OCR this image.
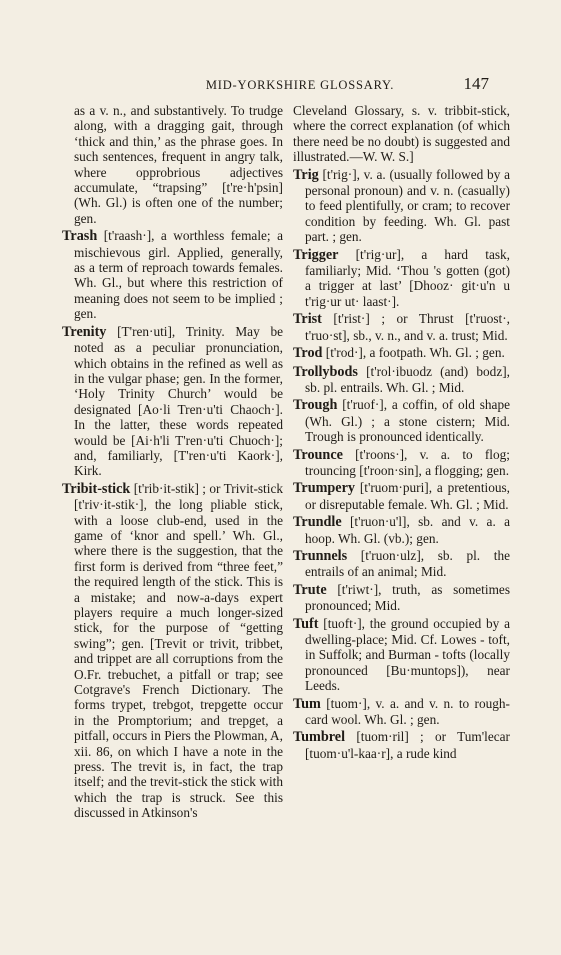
MID-YORKSHIRE GLOSSARY.	147

as a v. n., and substantively. To trudge along, with a dragging gait, through ‘thick and thin,’ as the phrase goes. In such sentences, frequent in angry talk, where opprobrious adjectives accumulate, “trapsing” [t're·h'psin] (Wh. Gl.) is often one of the number; gen.

Trash [t'raash·], a worthless female; a mischievous girl. Applied, generally, as a term of reproach towards females. Wh. Gl., but where this restriction of meaning does not seem to be implied ; gen.

Trenity [T'ren·uti], Trinity. May be noted as a peculiar pronunciation, which obtains in the refined as well as in the vulgar phase; gen. In the former, ‘Holy Trinity Church’ would be designated [Ao·li Tren·u'ti Chaoch·]. In the latter, these words repeated would be [Ai·h'li T'ren·u'ti Chuoch·]; and, familiarly, [T'ren·u'ti Kaork·], Kirk.

Tribit-stick [t'rib·it-stik] ; or Trivit-stick [t'riv·it-stik·], the long pliable stick, with a loose club-end, used in the game of ‘knor and spell.’ Wh. Gl., where there is the suggestion, that the first form is derived from “three feet,” the required length of the stick. This is a mistake; and now-a-days expert players require a much longer-sized stick, for the purpose of “getting swing”; gen. [Trevit or trivit, tribbet, and trippet are all corruptions from the O.Fr. trebuchet, a pitfall or trap; see Cotgrave's French Dictionary. The forms trypet, trebgot, trepgette occur in the Promptorium; and trepget, a pitfall, occurs in Piers the Plowman, A, xii. 86, on which I have a note in the press. The trevit is, in fact, the trap itself; and the trevit-stick the stick with which the trap is struck. See this discussed in Atkinson's

Cleveland Glossary, s. v. tribbit-stick, where the correct explanation (of which there need be no doubt) is suggested and illustrated.—W. W. S.]

Trig [t'rig·], v. a. (usually followed by a personal pronoun) and v. n. (casually) to feed plentifully, or cram; to recover condition by feeding. Wh. Gl. past part. ; gen.

Trigger [t'rig·ur], a hard task, familiarly; Mid. ‘Thou 's gotten (got) a trigger at last’ [Dhooz· git·u'n u t'rig·ur ut· laast·].

Trist [t'rist·] ; or Thrust [t'ruost·, t'ruo·st], sb., v. n., and v. a. trust; Mid.

Trod [t'rod·], a footpath. Wh. Gl. ; gen.

Trollybods [t'rol·ibuodz (and) bodz], sb. pl. entrails. Wh. Gl. ; Mid.

Trough [t'ruof·], a coffin, of old shape (Wh. Gl.) ; a stone cistern; Mid. Trough is pronounced identically.

Trounce [t'roons·], v. a. to flog; trouncing [t'roon·sin], a flogging; gen.

Trumpery [t'ruom·puri], a pretentious, or disreputable female. Wh. Gl. ; Mid.

Trundle [t'ruon·u'l], sb. and v. a. a hoop. Wh. Gl. (vb.); gen.

Trunnels [t'ruon·ulz], sb. pl. the entrails of an animal; Mid.

Trute [t'riwt·], truth, as sometimes pronounced; Mid.

Tuft [tuoft·], the ground occupied by a dwelling-place; Mid. Cf. Lowes - toft, in Suffolk; and Burman - tofts (locally pronounced [Bu·muntops]), near Leeds.

Tum [tuom·], v. a. and v. n. to rough-card wool. Wh. Gl. ; gen.

Tumbrel [tuom·ril] ; or Tum'lecar [tuom·u'l-kaa·r], a rude kind
